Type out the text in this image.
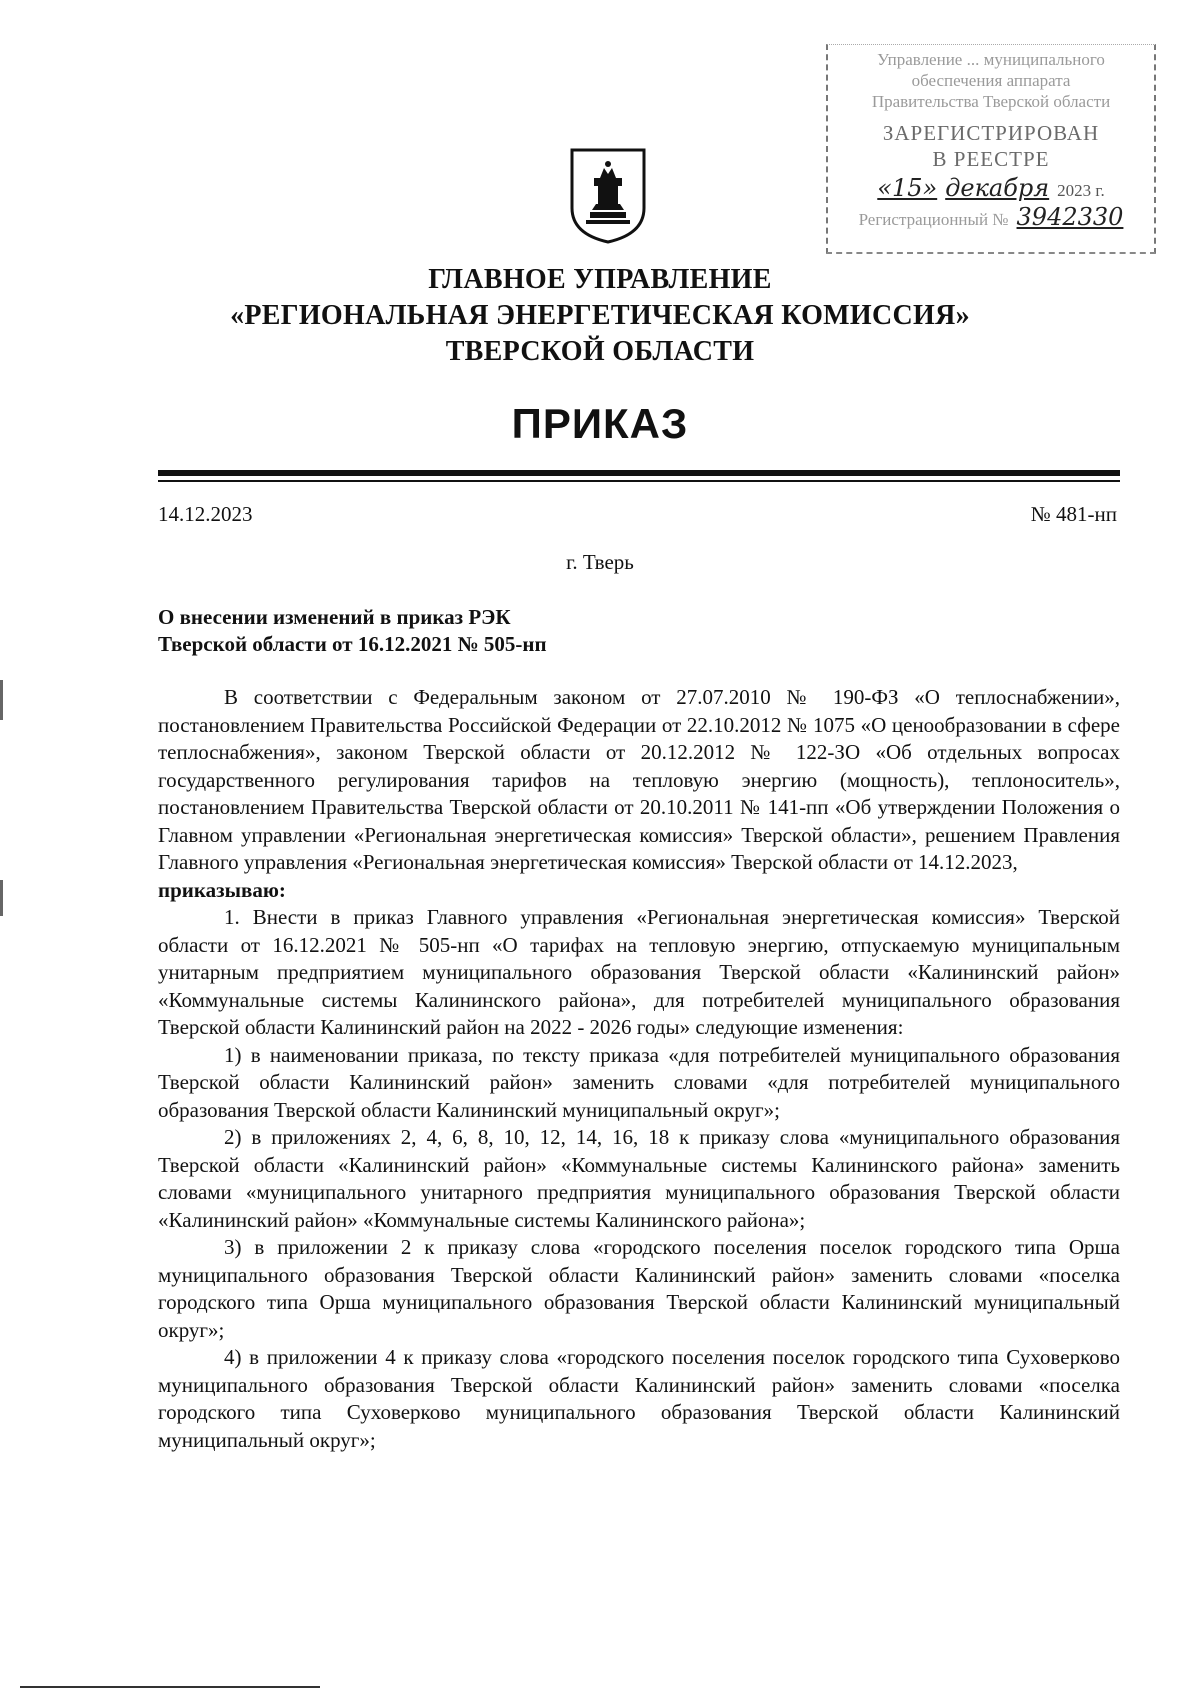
Управление ... муниципального
обеспечения аппарата
Правительства Тверской области
ЗАРЕГИСТРИРОВАН
В РЕЕСТРЕ
«15» декабря 2023 г.
Регистрационный № 3942330
ГЛАВНОЕ УПРАВЛЕНИЕ
«РЕГИОНАЛЬНАЯ ЭНЕРГЕТИЧЕСКАЯ КОМИССИЯ»
ТВЕРСКОЙ ОБЛАСТИ
ПРИКАЗ
14.12.2023	№ 481-нп
г. Тверь
О внесении изменений в приказ РЭК
Тверской области от 16.12.2021 № 505-нп

В соответствии с Федеральным законом от 27.07.2010 № 190-ФЗ «О теплоснабжении», постановлением Правительства Российской Федерации от 22.10.2012 № 1075 «О ценообразовании в сфере теплоснабжения», законом Тверской области от 20.12.2012 № 122-ЗО «Об отдельных вопросах государственного регулирования тарифов на тепловую энергию (мощность), теплоноситель», постановлением Правительства Тверской области от 20.10.2011 № 141-пп «Об утверждении Положения о Главном управлении «Региональная энергетическая комиссия» Тверской области», решением Правления Главного управления «Региональная энергетическая комиссия» Тверской области от 14.12.2023,

приказываю:

1. Внести в приказ Главного управления «Региональная энергетическая комиссия» Тверской области от 16.12.2021 № 505-нп «О тарифах на тепловую энергию, отпускаемую муниципальным унитарным предприятием муниципального образования Тверской области «Калининский район» «Коммунальные системы Калининского района», для потребителей муниципального образования Тверской области Калининский район на 2022 - 2026 годы» следующие изменения:

1) в наименовании приказа, по тексту приказа «для потребителей муниципального образования Тверской области Калининский район» заменить словами «для потребителей муниципального образования Тверской области Калининский муниципальный округ»;

2) в приложениях 2, 4, 6, 8, 10, 12, 14, 16, 18 к приказу слова «муниципального образования Тверской области «Калининский район» «Коммунальные системы Калининского района» заменить словами «муниципального унитарного предприятия муниципального образования Тверской области «Калининский район» «Коммунальные системы Калининского района»;

3) в приложении 2 к приказу слова «городского поселения поселок городского типа Орша муниципального образования Тверской области Калининский район» заменить словами «поселка городского типа Орша муниципального образования Тверской области Калининский муниципальный округ»;

4) в приложении 4 к приказу слова «городского поселения поселок городского типа Суховерково муниципального образования Тверской области Калининский район» заменить словами «поселка городского типа Суховерково муниципального образования Тверской области Калининский муниципальный округ»;
